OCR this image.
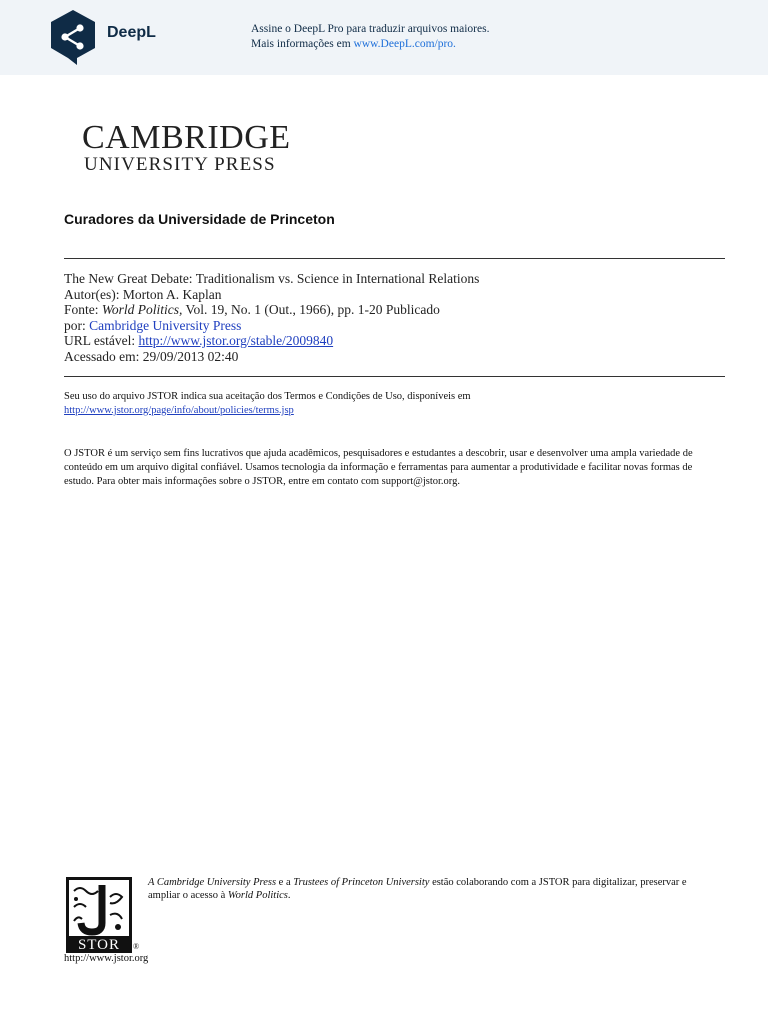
DeepL	Assine o DeepL Pro para traduzir arquivos maiores.
Mais informações em www.DeepL.com/pro.
CAMBRIDGE
UNIVERSITY PRESS
Curadores da Universidade de Princeton
The New Great Debate: Traditionalism vs. Science in International Relations
Autor(es): Morton A. Kaplan
Fonte: World Politics, Vol. 19, No. 1 (Out., 1966), pp. 1-20 Publicado
por: Cambridge University Press
URL estável: http://www.jstor.org/stable/2009840
Acessado em: 29/09/2013 02:40
Seu uso do arquivo JSTOR indica sua aceitação dos Termos e Condições de Uso, disponíveis em
http://www.jstor.org/page/info/about/policies/terms.jsp
O JSTOR é um serviço sem fins lucrativos que ajuda acadêmicos, pesquisadores e estudantes a descobrir, usar e desenvolver uma ampla variedade de conteúdo em um arquivo digital confiável. Usamos tecnologia da informação e ferramentas para aumentar a produtividade e facilitar novas formas de estudo. Para obter mais informações sobre o JSTOR, entre em contato com support@jstor.org.
STOR ®
http://www.jstor.org
A Cambridge University Press e a Trustees of Princeton University estão colaborando com a JSTOR para digitalizar, preservar e ampliar o acesso à World Politics.
